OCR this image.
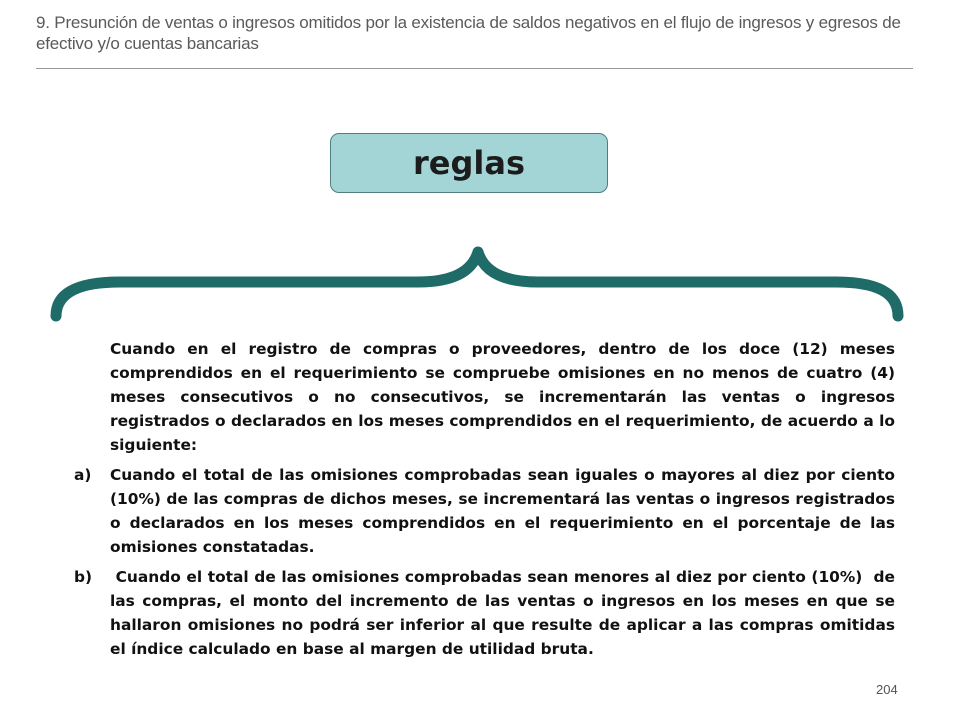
9. Presunción de ventas o ingresos omitidos por la existencia de saldos negativos en el flujo de ingresos y egresos de efectivo y/o cuentas bancarias
reglas

Cuando en el registro de compras o proveedores, dentro de los doce (12) meses comprendidos en el requerimiento se compruebe omisiones en no menos de cuatro (4) meses consecutivos o no consecutivos, se incrementarán las ventas o ingresos registrados o declarados en los meses comprendidos en el requerimiento, de acuerdo a lo siguiente:

a)	Cuando el total de las omisiones comprobadas sean iguales o mayores al diez por ciento (10%) de las compras de dichos meses, se incrementará las ventas o ingresos registrados o declarados en los meses comprendidos en el requerimiento en el porcentaje de las omisiones constatadas.
b)	Cuando el total de las omisiones comprobadas sean menores al diez por ciento (10%)  de las compras, el monto del incremento de las ventas o ingresos en los meses en que se hallaron omisiones no podrá ser inferior al que resulte de aplicar a las compras omitidas el índice calculado en base al margen de utilidad bruta.
204
